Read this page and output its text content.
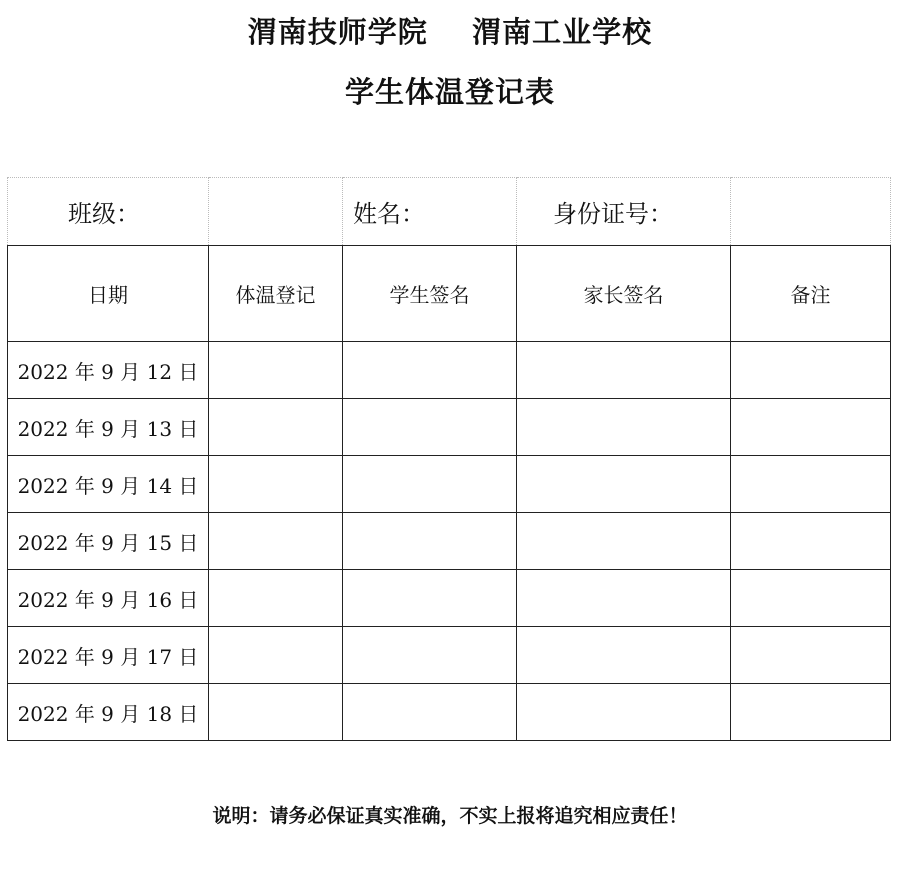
渭南技师学院    渭南工业学校
学生体温登记表
班级：		姓名：	身份证号：	
日期	体温登记	学生签名	家长签名	备注
2022 年 9 月 12 日				
2022 年 9 月 13 日				
2022 年 9 月 14 日				
2022 年 9 月 15 日				
2022 年 9 月 16 日				
2022 年 9 月 17 日				
2022 年 9 月 18 日				
说明：请务必保证真实准确，不实上报将追究相应责任！
